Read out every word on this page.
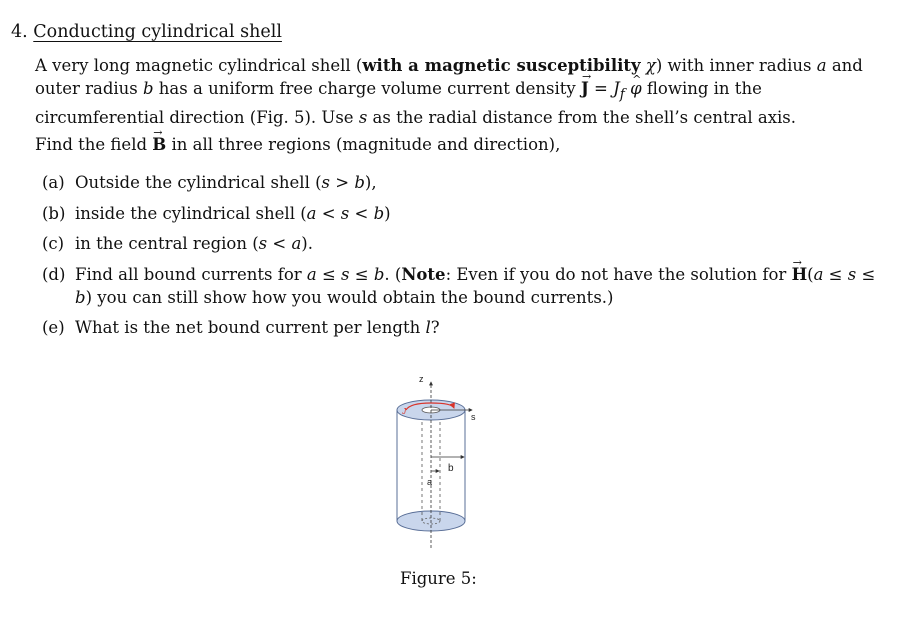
4. Conducting cylindrical shell
A very long magnetic cylindrical shell (with a magnetic susceptibility χ) with inner radius a and outer radius b has a uniform free charge volume current density → $J = J_f$ ^ φ flowing in the circumferential direction (Fig. 5). Use s as the radial distance from the shell’s central axis.
Find the field → B in all three regions (magnitude and direction),
(a) Outside the cylindrical shell (s > b),
(b) inside the cylindrical shell (a < s < b)
(c) in the central region (s < a).
(d) Find all bound currents for a ≤ s ≤ b. (Note: Even if you do not have the solution for → H(a ≤ s ≤ b) you can still show how you would obtain the bound currents.)
(e) What is the net bound current per length l?
z
s
b
a
J
Figure 5:
